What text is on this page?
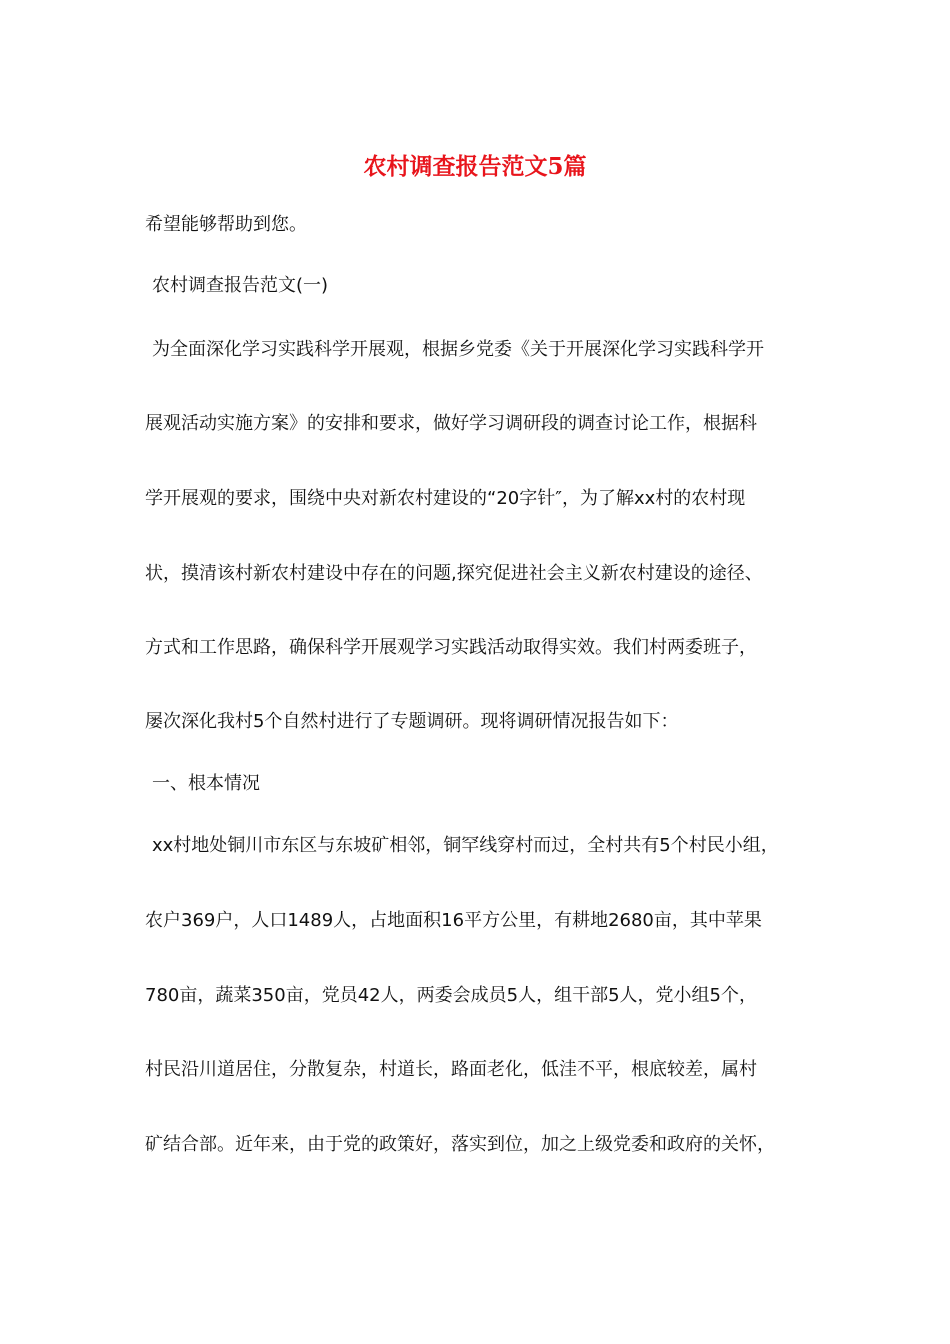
农村调查报告范文5篇

希望能够帮助到您。

农村调查报告范文(一)

为全面深化学习实践科学开展观，根据乡党委《关于开展深化学习实践科学开

展观活动实施方案》的安排和要求，做好学习调研段的调查讨论工作，根据科

学开展观的要求，围绕中央对新农村建设的“20字针″，为了解xx村的农村现

状，摸清该村新农村建设中存在的问题,探究促进社会主义新农村建设的途径、

方式和工作思路，确保科学开展观学习实践活动取得实效。我们村两委班子，

屡次深化我村5个自然村进行了专题调研。现将调研情况报告如下：

一、根本情况

xx村地处铜川市东区与东坡矿相邻，铜罕线穿村而过，全村共有5个村民小组，

农户369户，人口1489人，占地面积16平方公里，有耕地2680亩，其中苹果

780亩，蔬菜350亩，党员42人，两委会成员5人，组干部5人，党小组5个，

村民沿川道居住，分散复杂，村道长，路面老化，低洼不平，根底较差，属村

矿结合部。近年来，由于党的政策好，落实到位，加之上级党委和政府的关怀，
